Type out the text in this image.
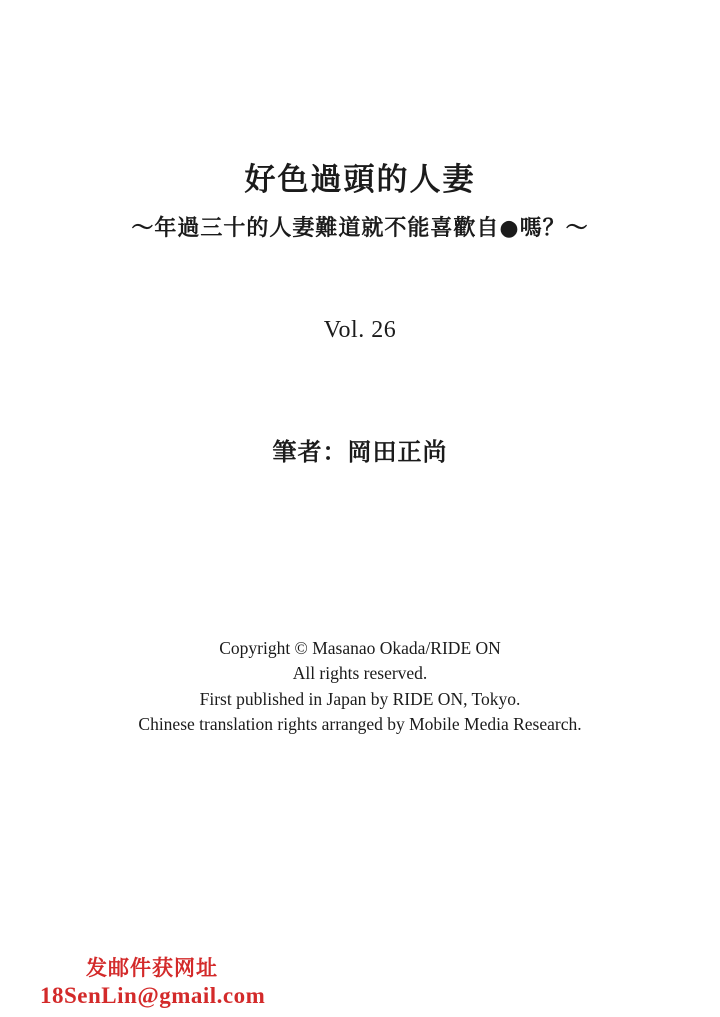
好色過頭的人妻
～年過三十的人妻難道就不能喜歡自●嗎？～
Vol. 26
筆者：岡田正尚
Copyright © Masanao Okada/RIDE ON
All rights reserved.
First published in Japan by RIDE ON, Tokyo.
Chinese translation rights arranged by Mobile Media Research.
发邮件获网址
18SenLin@gmail.com
